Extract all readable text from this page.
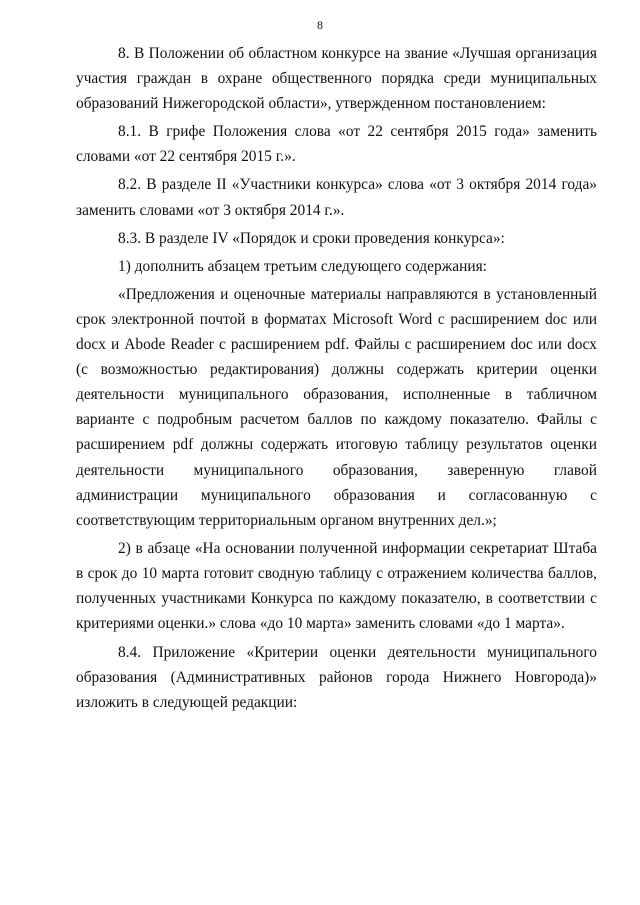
8

8. В Положении об областном конкурсе на звание «Лучшая организация участия граждан в охране общественного порядка среди муниципальных образований Нижегородской области», утвержденном постановлением:

8.1. В грифе Положения слова «от 22 сентября 2015 года» заменить словами «от 22 сентября 2015 г.».

8.2. В разделе II «Участники конкурса» слова «от 3 октября 2014 года» заменить словами «от 3 октября 2014 г.».

8.3. В разделе IV «Порядок и сроки проведения конкурса»:

1) дополнить абзацем третьим следующего содержания:

«Предложения и оценочные материалы направляются в установленный срок электронной почтой в форматах Microsoft Word с расширением doc или docx и Abode Reader с расширением pdf. Файлы с расширением doc или docx (с возможностью редактирования) должны содержать критерии оценки деятельности муниципального образования, исполненные в табличном варианте с подробным расчетом баллов по каждому показателю. Файлы с расширением pdf должны содержать итоговую таблицу результатов оценки деятельности муниципального образования, заверенную главой администрации муниципального образования и согласованную с соответствующим территориальным органом внутренних дел.»;

2) в абзаце «На основании полученной информации секретариат Штаба в срок до 10 марта готовит сводную таблицу с отражением количества баллов, полученных участниками Конкурса по каждому показателю, в соответствии с критериями оценки.» слова «до 10 марта» заменить словами «до 1 марта».

8.4. Приложение «Критерии оценки деятельности муниципального образования (Административных районов города Нижнего Новгорода)» изложить в следующей редакции:
